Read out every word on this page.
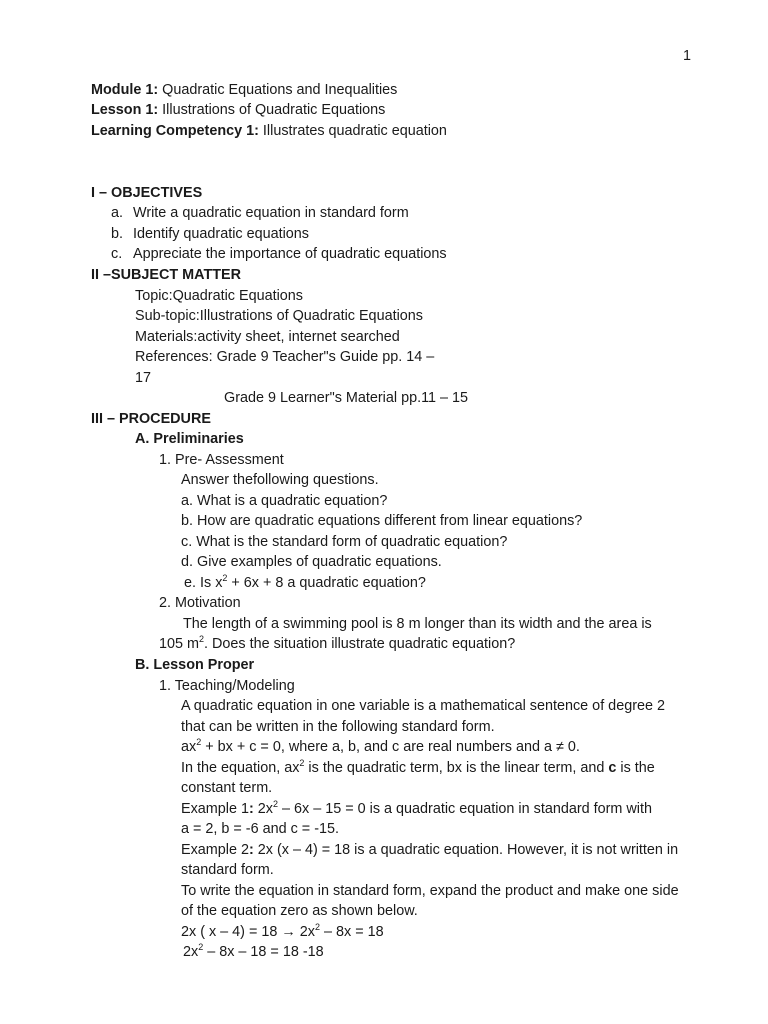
1
Module 1: Quadratic Equations and Inequalities
Lesson 1: Illustrations of Quadratic Equations
Learning Competency 1: Illustrates quadratic equation
I – OBJECTIVES
a. Write a quadratic equation in standard form
b. Identify quadratic equations
c. Appreciate the importance of quadratic equations
II –SUBJECT MATTER
Topic:Quadratic Equations
Sub-topic:Illustrations of Quadratic Equations
Materials:activity sheet, internet searched
References: Grade 9 Teacher"s Guide pp. 14 –
17
Grade 9 Learner"s Material pp.11 – 15
III – PROCEDURE
A. Preliminaries
1. Pre- Assessment
Answer thefollowing questions.
a. What is a quadratic equation?
b. How are quadratic equations different from linear equations?
c. What is the standard form of quadratic equation?
d. Give examples of quadratic equations.
e. Is $x^2 + 6x + 8$ a quadratic equation?
2. Motivation
The length of a swimming pool is 8 m longer than its width and the area is
105 $m^2$. Does the situation illustrate quadratic equation?
B. Lesson Proper
1. Teaching/Modeling
A quadratic equation in one variable is a mathematical sentence of degree 2
that can be written in the following standard form.
$ax^2$ + bx + c = 0, where a, b, and c are real numbers and a ≠ 0.
In the equation, $ax^2$ is the quadratic term, bx is the linear term, and c is the
constant term.
Example 1: $2x^2 - 6x - 15 = 0$ is a quadratic equation in standard form with
a = 2, b = -6 and c = -15.
Example 2: 2x (x – 4) = 18 is a quadratic equation. However, it is not written in
standard form.
To write the equation in standard form, expand the product and make one side
of the equation zero as shown below.
2x ( $x - 4) = 18 \to 2x^2 - 8x = 18$
$2x^2 - 8x - 18 = 18$ -18
